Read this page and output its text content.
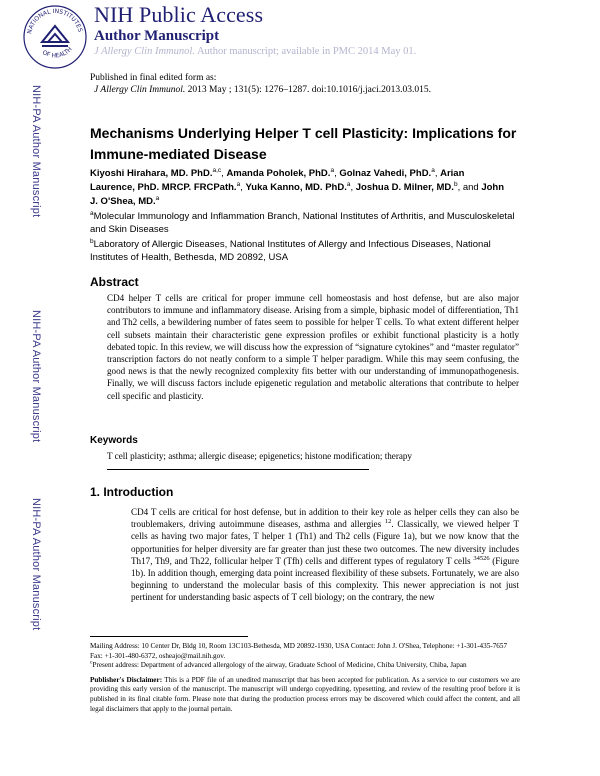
NATIONAL INSTITUTES
OF HEALTH
NIH Public Access
Author Manuscript
J Allergy Clin Immunol. Author manuscript; available in PMC 2014 May 01.
Published in final edited form as:
J Allergy Clin Immunol. 2013 May ; 131(5): 1276–1287. doi:10.1016/j.jaci.2013.03.015.
NIH-PA Author Manuscript
NIH-PA Author Manuscript
NIH-PA Author Manuscript
Mechanisms Underlying Helper T cell Plasticity: Implications for Immune-mediated Disease
Kiyoshi Hirahara, MD. PhD.$^{a,c}$, Amanda Poholek, PhD.$^a$, Golnaz Vahedi, PhD.$^a$, Arian Laurence, PhD. MRCP. FRCPath.$^a$, Yuka Kanno, MD. PhD.$^a$, Joshua D. Milner, MD.$^b$, and John J. O'Shea, MD.$^a$
$^a$Molecular Immunology and Inflammation Branch, National Institutes of Arthritis, and Musculoskeletal and Skin Diseases
$^b$Laboratory of Allergic Diseases, National Institutes of Allergy and Infectious Diseases, National Institutes of Health, Bethesda, MD 20892, USA
Abstract
CD4 helper T cells are critical for proper immune cell homeostasis and host defense, but are also major contributors to immune and inflammatory disease. Arising from a simple, biphasic model of differentiation, Th1 and Th2 cells, a bewildering number of fates seem to possible for helper T cells. To what extent different helper cell subsets maintain their characteristic gene expression profiles or exhibit functional plasticity is a hotly debated topic. In this review, we will discuss how the expression of “signature cytokines” and “master regulator” transcription factors do not neatly conform to a simple T helper paradigm. While this may seem confusing, the good news is that the newly recognized complexity fits better with our understanding of immunopathogenesis. Finally, we will discuss factors include epigenetic regulation and metabolic alterations that contribute to helper cell specific and plasticity.
Keywords
T cell plasticity; asthma; allergic disease; epigenetics; histone modification; therapy
1. Introduction
CD4 T cells are critical for host defense, but in addition to their key role as helper cells they can also be troublemakers, driving autoimmune diseases, asthma and allergies $^{12}$. Classically, we viewed helper T cells as having two major fates, T helper 1 (Th1) and Th2 cells (Figure 1a), but we now know that the opportunities for helper diversity are far greater than just these two outcomes. The new diversity includes Th17, Th9, and Th22, follicular helper T (Tfh) cells and different types of regulatory T cells $^{34526}$ (Figure 1b). In addition though, emerging data point increased flexibility of these subsets. Fortunately, we are also beginning to understand the molecular basis of this complexity. This newer appreciation is not just pertinent for understanding basic aspects of T cell biology; on the contrary, the new
Mailing Address: 10 Center Dr, Bldg 10, Room 13C103-Bethesda, MD 20892-1930, USA Contact: John J. O'Shea, Telephone: +1-301-435-7657 Fax: +1-301-480-6372, osheajo@mail.nih.gov.
$^c$Present address: Department of advanced allergology of the airway, Graduate School of Medicine, Chiba University, Chiba, Japan
Publisher's Disclaimer: This is a PDF file of an unedited manuscript that has been accepted for publication. As a service to our customers we are providing this early version of the manuscript. The manuscript will undergo copyediting, typesetting, and review of the resulting proof before it is published in its final citable form. Please note that during the production process errors may be discovered which could affect the content, and all legal disclaimers that apply to the journal pertain.
